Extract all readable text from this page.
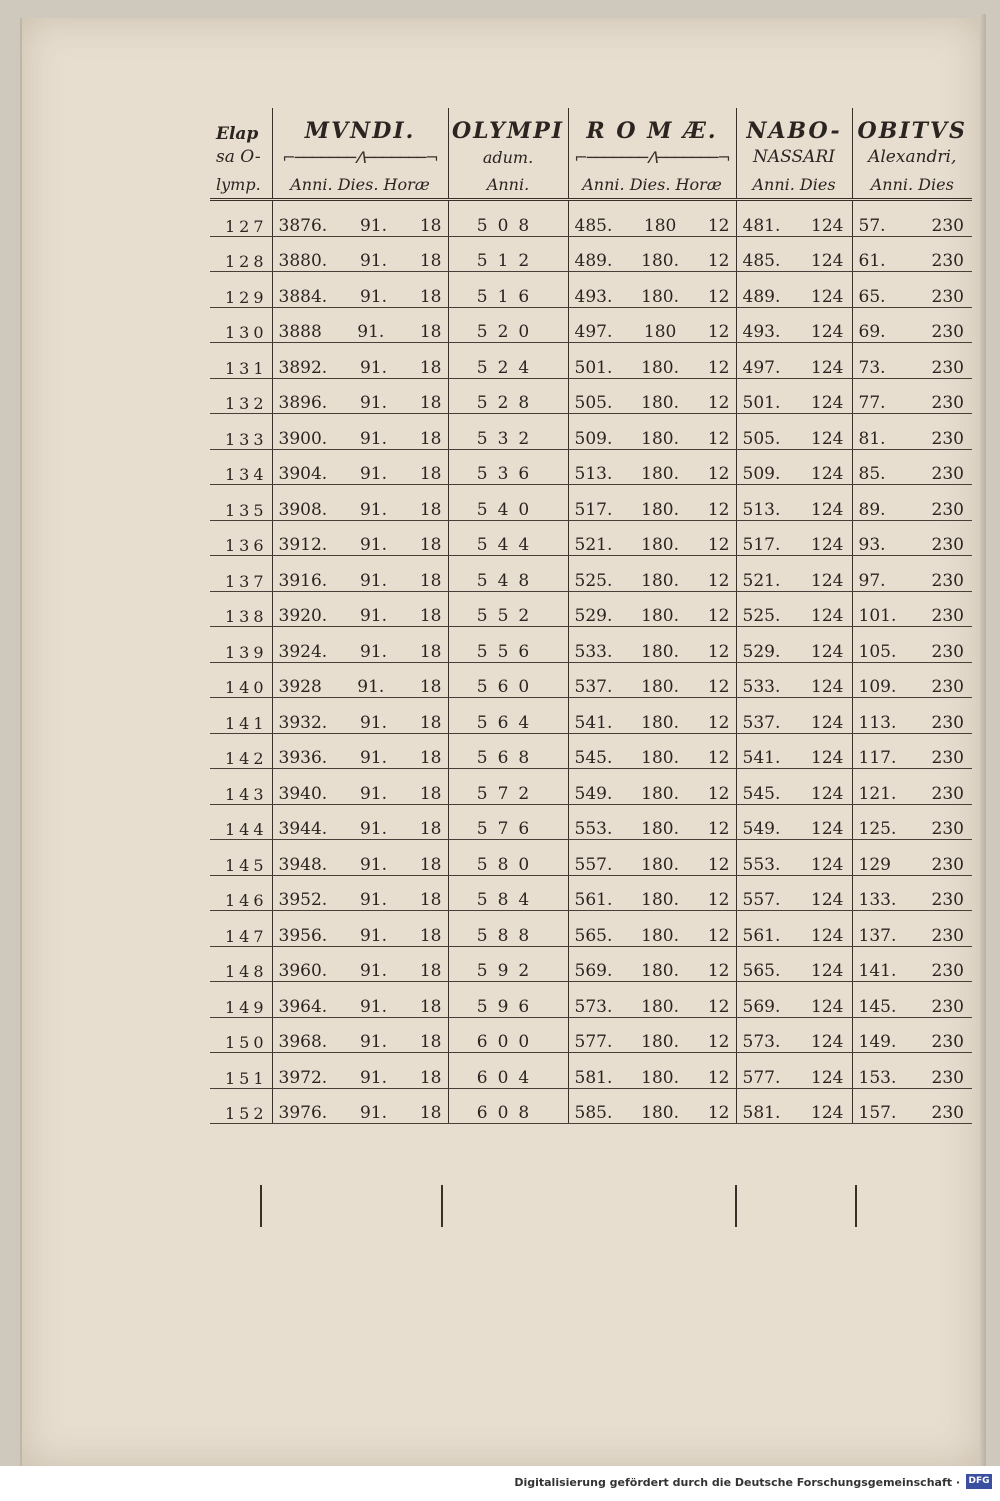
Elap	MVNDI.	OLYMPI	R O M Æ.	NABO-	OBITVS
sa O-	⌐───────ᐱ───────¬	adum.	⌐───────ᐱ───────¬	NASSARI	Alexandri,
lymp.	Anni. Dies. Horæ	Anni.	Anni. Dies. Horæ	Anni. Dies	Anni. Dies
127	3876. 91. 18	508	485. 180 12	481. 124	57. 230

128	3880. 91. 18	512	489. 180. 12	485. 124	61. 230

129	3884. 91. 18	516	493. 180. 12	489. 124	65. 230

130	3888 91. 18	520	497. 180 12	493. 124	69. 230

131	3892. 91. 18	524	501. 180. 12	497. 124	73. 230

132	3896. 91. 18	528	505. 180. 12	501. 124	77. 230

133	3900. 91. 18	532	509. 180. 12	505. 124	81. 230

134	3904. 91. 18	536	513. 180. 12	509. 124	85. 230

135	3908. 91. 18	540	517. 180. 12	513. 124	89. 230

136	3912. 91. 18	544	521. 180. 12	517. 124	93. 230

137	3916. 91. 18	548	525. 180. 12	521. 124	97. 230

138	3920. 91. 18	552	529. 180. 12	525. 124	101. 230

139	3924. 91. 18	556	533. 180. 12	529. 124	105. 230

140	3928 91. 18	560	537. 180. 12	533. 124	109. 230

141	3932. 91. 18	564	541. 180. 12	537. 124	113. 230

142	3936. 91. 18	568	545. 180. 12	541. 124	117. 230

143	3940. 91. 18	572	549. 180. 12	545. 124	121. 230

144	3944. 91. 18	576	553. 180. 12	549. 124	125. 230

145	3948. 91. 18	580	557. 180. 12	553. 124	129 230

146	3952. 91. 18	584	561. 180. 12	557. 124	133. 230

147	3956. 91. 18	588	565. 180. 12	561. 124	137. 230

148	3960. 91. 18	592	569. 180. 12	565. 124	141. 230

149	3964. 91. 18	596	573. 180. 12	569. 124	145. 230

150	3968. 91. 18	600	577. 180. 12	573. 124	149. 230

151	3972. 91. 18	604	581. 180. 12	577. 124	153. 230

152	3976. 91. 18	608	585. 180. 12	581. 124	157. 230
Digitalisierung gefördert durch die Deutsche Forschungsgemeinschaft · DFG
